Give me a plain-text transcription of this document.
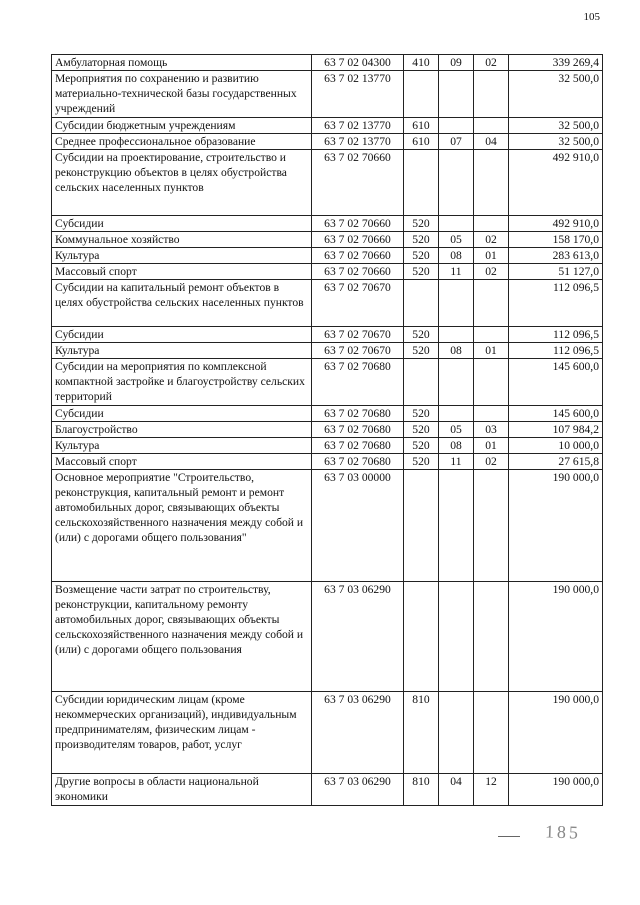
105
Амбулаторная помощь	63 7 02 04300	410	09	02	339 269,4
Мероприятия по сохранению и развитию материально-технической базы государственных учреждений	63 7 02 13770				32 500,0
Субсидии бюджетным учреждениям	63 7 02 13770	610			32 500,0
Среднее профессиональное образование	63 7 02 13770	610	07	04	32 500,0
Субсидии на проектирование, строительство и реконструкцию объектов в целях обустройства сельских населенных пунктов	63 7 02 70660				492 910,0
Субсидии	63 7 02 70660	520			492 910,0
Коммунальное хозяйство	63 7 02 70660	520	05	02	158 170,0
Культура	63 7 02 70660	520	08	01	283 613,0
Массовый спорт	63 7 02 70660	520	11	02	51 127,0
Субсидии на капитальный ремонт объектов в целях обустройства сельских населенных пунктов	63 7 02 70670				112 096,5
Субсидии	63 7 02 70670	520			112 096,5
Культура	63 7 02 70670	520	08	01	112 096,5
Субсидии на мероприятия по комплексной компактной застройке и благоустройству сельских территорий	63 7 02 70680				145 600,0
Субсидии	63 7 02 70680	520			145 600,0
Благоустройство	63 7 02 70680	520	05	03	107 984,2
Культура	63 7 02 70680	520	08	01	10 000,0
Массовый спорт	63 7 02 70680	520	11	02	27 615,8
Основное мероприятие "Строительство, реконструкция, капитальный ремонт и ремонт автомобильных дорог, связывающих объекты сельскохозяйственного назначения между собой и (или) с дорогами общего пользования"	63 7 03 00000				190 000,0
Возмещение части затрат по строительству, реконструкции, капитальному ремонту автомобильных дорог, связывающих объекты сельскохозяйственного назначения между собой и (или) с дорогами общего пользования	63 7 03 06290				190 000,0
Субсидии юридическим лицам (кроме некоммерческих организаций), индивидуальным предпринимателям, физическим лицам - производителям товаров, работ, услуг	63 7 03 06290	810			190 000,0
Другие вопросы в области национальной экономики	63 7 03 06290	810	04	12	190 000,0
185
